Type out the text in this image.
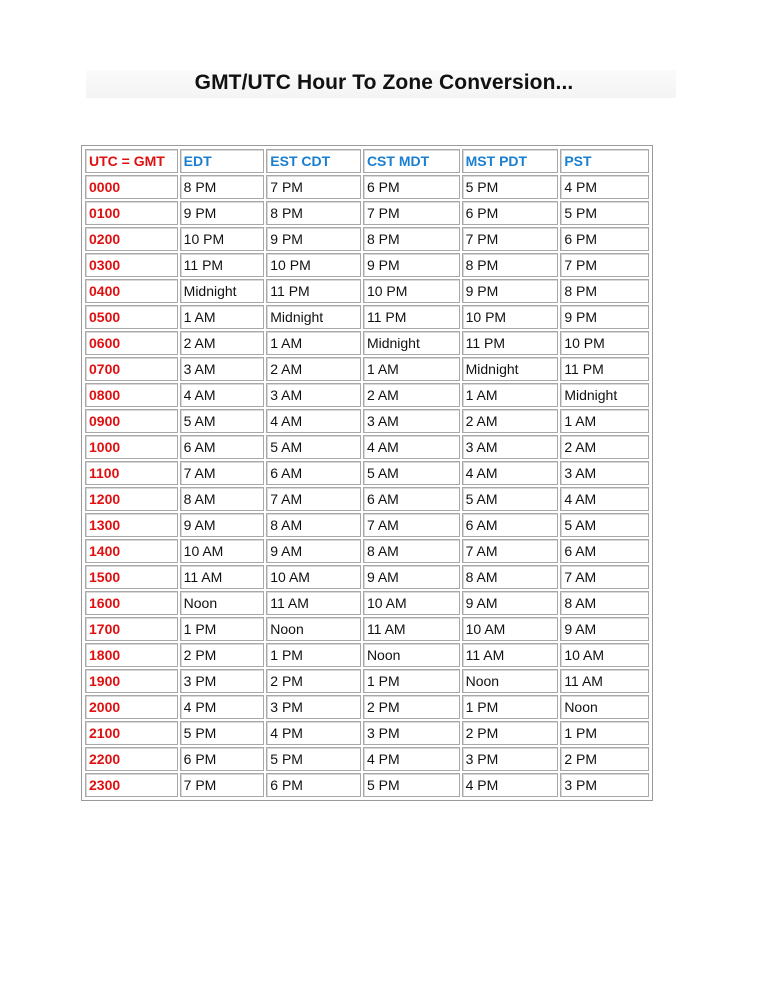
GMT/UTC Hour To Zone Conversion...
UTC = GMT	EDT	EST CDT	CST MDT	MST PDT	PST
0000	8 PM	7 PM	6 PM	5 PM	4 PM
0100	9 PM	8 PM	7 PM	6 PM	5 PM
0200	10 PM	9 PM	8 PM	7 PM	6 PM
0300	11 PM	10 PM	9 PM	8 PM	7 PM
0400	Midnight	11 PM	10 PM	9 PM	8 PM
0500	1 AM	Midnight	11 PM	10 PM	9 PM
0600	2 AM	1 AM	Midnight	11 PM	10 PM
0700	3 AM	2 AM	1 AM	Midnight	11 PM
0800	4 AM	3 AM	2 AM	1 AM	Midnight
0900	5 AM	4 AM	3 AM	2 AM	1 AM
1000	6 AM	5 AM	4 AM	3 AM	2 AM
1100	7 AM	6 AM	5 AM	4 AM	3 AM
1200	8 AM	7 AM	6 AM	5 AM	4 AM
1300	9 AM	8 AM	7 AM	6 AM	5 AM
1400	10 AM	9 AM	8 AM	7 AM	6 AM
1500	11 AM	10 AM	9 AM	8 AM	7 AM
1600	Noon	11 AM	10 AM	9 AM	8 AM
1700	1 PM	Noon	11 AM	10 AM	9 AM
1800	2 PM	1 PM	Noon	11 AM	10 AM
1900	3 PM	2 PM	1 PM	Noon	11 AM
2000	4 PM	3 PM	2 PM	1 PM	Noon
2100	5 PM	4 PM	3 PM	2 PM	1 PM
2200	6 PM	5 PM	4 PM	3 PM	2 PM
2300	7 PM	6 PM	5 PM	4 PM	3 PM
